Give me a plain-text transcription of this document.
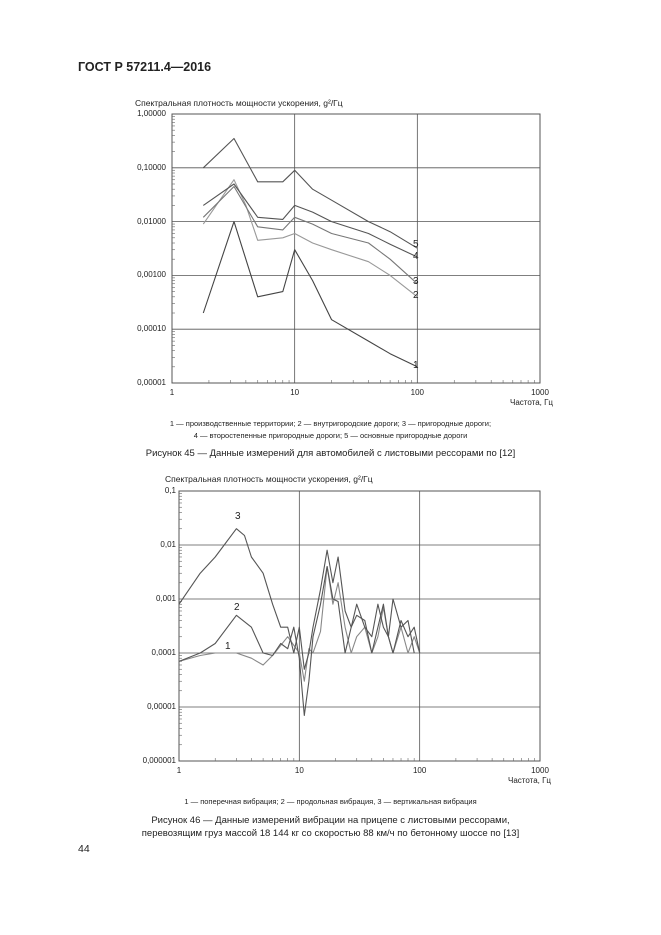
ГОСТ Р 57211.4—2016
Спектральная плотность мощности ускорения, g²/Гц
Частота, Гц
1 — производственные территории; 2 — внутригородские дороги; 3 — пригородные дороги;
4 — второстепенные пригородные дороги; 5 — основные пригородные дороги
Рисунок 45 — Данные измерений для автомобилей с листовыми рессорами по [12]
Спектральная плотность мощности ускорения, g²/Гц
Частота, Гц
1 — поперечная вибрация; 2 — продольная вибрация, 3 — вертикальная вибрация
Рисунок 46 — Данные измерений вибрации на прицепе с листовыми рессорами,
перевозящим груз массой 18 144 кг со скоростью 88 км/ч по бетонному шоссе по [13]
44
1
2
3
4
5
1
2
3
1,00000
0,10000
0,01000
0,00100
0,00010
0,00001
1	10	100	1000
0,1
0,01
0,001
0,0001
0,00001
0,000001
1	10	100	1000
